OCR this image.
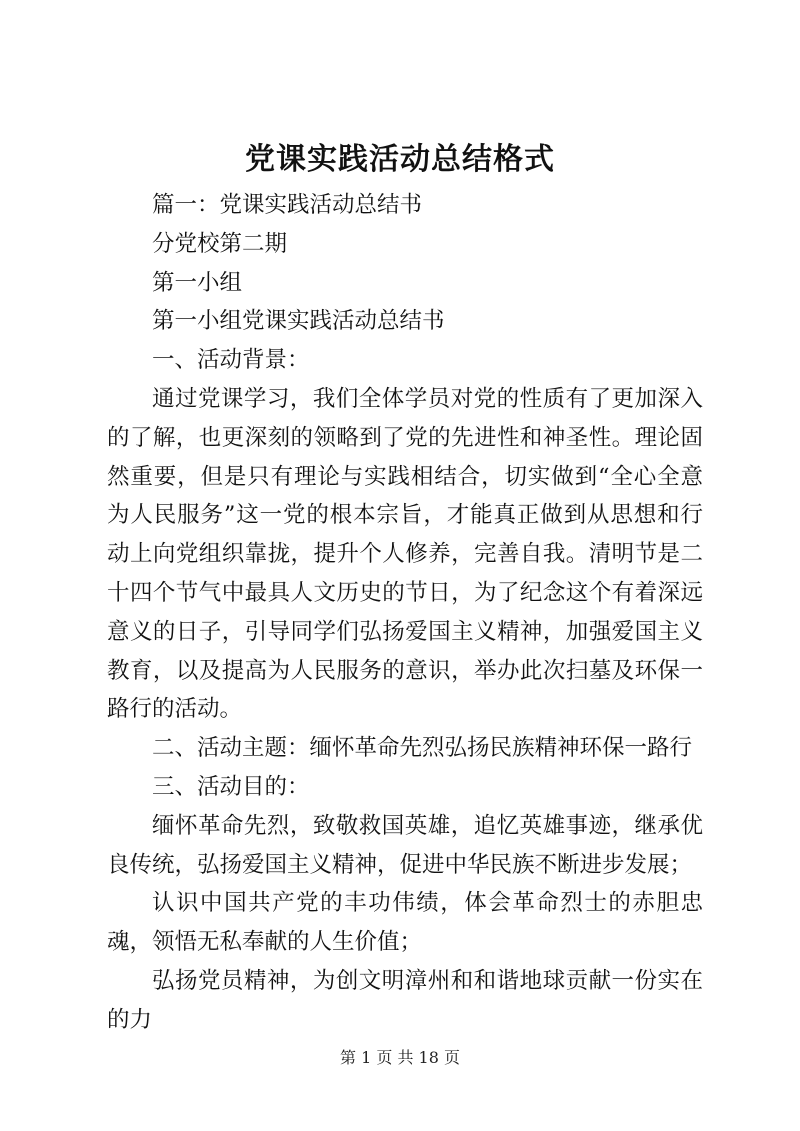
党课实践活动总结格式

篇一：党课实践活动总结书

分党校第二期

第一小组

第一小组党课实践活动总结书

一、活动背景：

通过党课学习，我们全体学员对党的性质有了更加深入的了解，也更深刻的领略到了党的先进性和神圣性。理论固然重要，但是只有理论与实践相结合，切实做到“全心全意为人民服务”这一党的根本宗旨，才能真正做到从思想和行动上向党组织靠拢，提升个人修养，完善自我。清明节是二十四个节气中最具人文历史的节日，为了纪念这个有着深远意义的日子，引导同学们弘扬爱国主义精神，加强爱国主义教育，以及提高为人民服务的意识，举办此次扫墓及环保一路行的活动。

二、活动主题：缅怀革命先烈弘扬民族精神环保一路行

三、活动目的：

缅怀革命先烈，致敬救国英雄，追忆英雄事迹，继承优良传统，弘扬爱国主义精神，促进中华民族不断进步发展；

认识中国共产党的丰功伟绩，体会革命烈士的赤胆忠魂，领悟无私奉献的人生价值；

弘扬党员精神，为创文明漳州和和谐地球贡献一份实在的力

第 1 页 共 18 页
